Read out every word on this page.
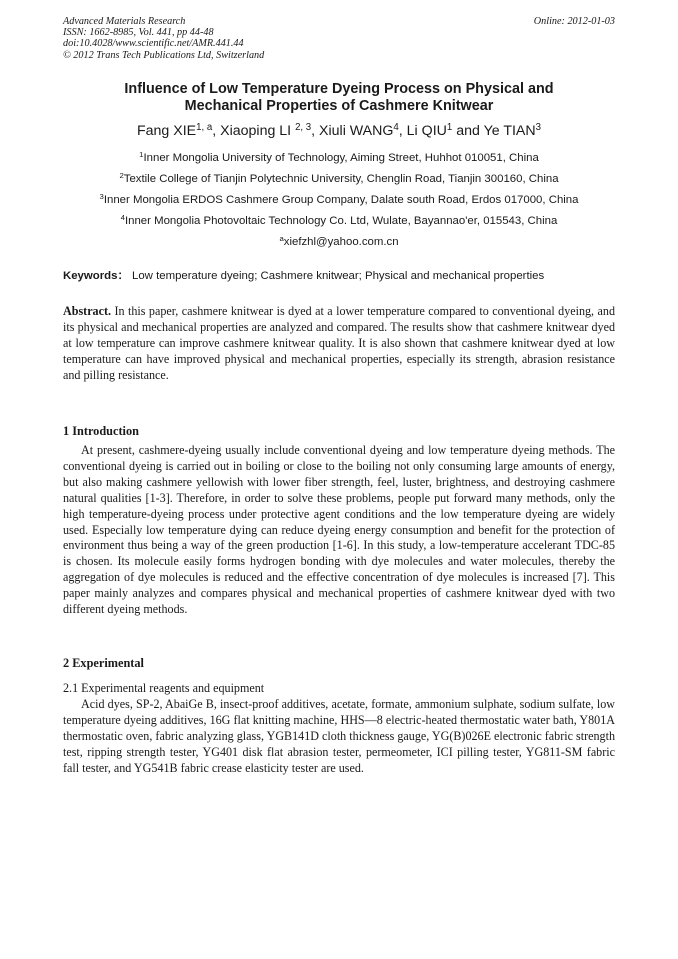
Advanced Materials Research
ISSN: 1662-8985, Vol. 441, pp 44-48
doi:10.4028/www.scientific.net/AMR.441.44
© 2012 Trans Tech Publications Ltd, Switzerland
Online: 2012-01-03
Influence of Low Temperature Dyeing Process on Physical and
Mechanical Properties of Cashmere Knitwear
Fang XIE$^{1, a}$, Xiaoping LI $^{2, 3}$, Xiuli WANG$^4$, Li QIU$^1$ and Ye TIAN$^3$
$^1$Inner Mongolia University of Technology, Aiming Street, Huhhot 010051, China
$^2$Textile College of Tianjin Polytechnic University, Chenglin Road, Tianjin 300160, China
$^3$Inner Mongolia ERDOS Cashmere Group Company, Dalate south Road, Erdos 017000, China
$^4$Inner Mongolia Photovoltaic Technology Co. Ltd, Wulate, Bayannao'er, 015543, China
$^a$xiefzhl@yahoo.com.cn
Keywords： Low temperature dyeing; Cashmere knitwear; Physical and mechanical properties

Abstract. In this paper, cashmere knitwear is dyed at a lower temperature compared to conventional dyeing, and its physical and mechanical properties are analyzed and compared. The results show that cashmere knitwear dyed at low temperature can improve cashmere knitwear quality. It is also shown that cashmere knitwear dyed at low temperature can have improved physical and mechanical properties, especially its strength, abrasion resistance and pilling resistance.

1 Introduction

At present, cashmere-dyeing usually include conventional dyeing and low temperature dyeing methods. The conventional dyeing is carried out in boiling or close to the boiling not only consuming large amounts of energy, but also making cashmere yellowish with lower fiber strength, feel, luster, brightness, and destroying cashmere natural qualities [1-3]. Therefore, in order to solve these problems, people put forward many methods, only the high temperature-dyeing process under protective agent conditions and the low temperature dyeing are widely used. Especially low temperature dying can reduce dyeing energy consumption and benefit for the protection of environment thus being a way of the green production [1-6]. In this study, a low-temperature accelerant TDC-85 is chosen. Its molecule easily forms hydrogen bonding with dye molecules and water molecules, thereby the aggregation of dye molecules is reduced and the effective concentration of dye molecules is increased [7]. This paper mainly analyzes and compares physical and mechanical properties of cashmere knitwear dyed with two different dyeing methods.

2 Experimental
2.1 Experimental reagents and equipment

Acid dyes, SP-2, AbaiGe B, insect-proof additives, acetate, formate, ammonium sulphate, sodium sulfate, low temperature dyeing additives, 16G flat knitting machine, HHS—8 electric-heated thermostatic water bath, Y801A thermostatic oven, fabric analyzing glass, YGB141D cloth thickness gauge, YG(B)026E electronic fabric strength test, ripping strength tester, YG401 disk flat abrasion tester, permeometer, ICI pilling tester, YG811-SM fabric fall tester, and YG541B fabric crease elasticity tester are used.
